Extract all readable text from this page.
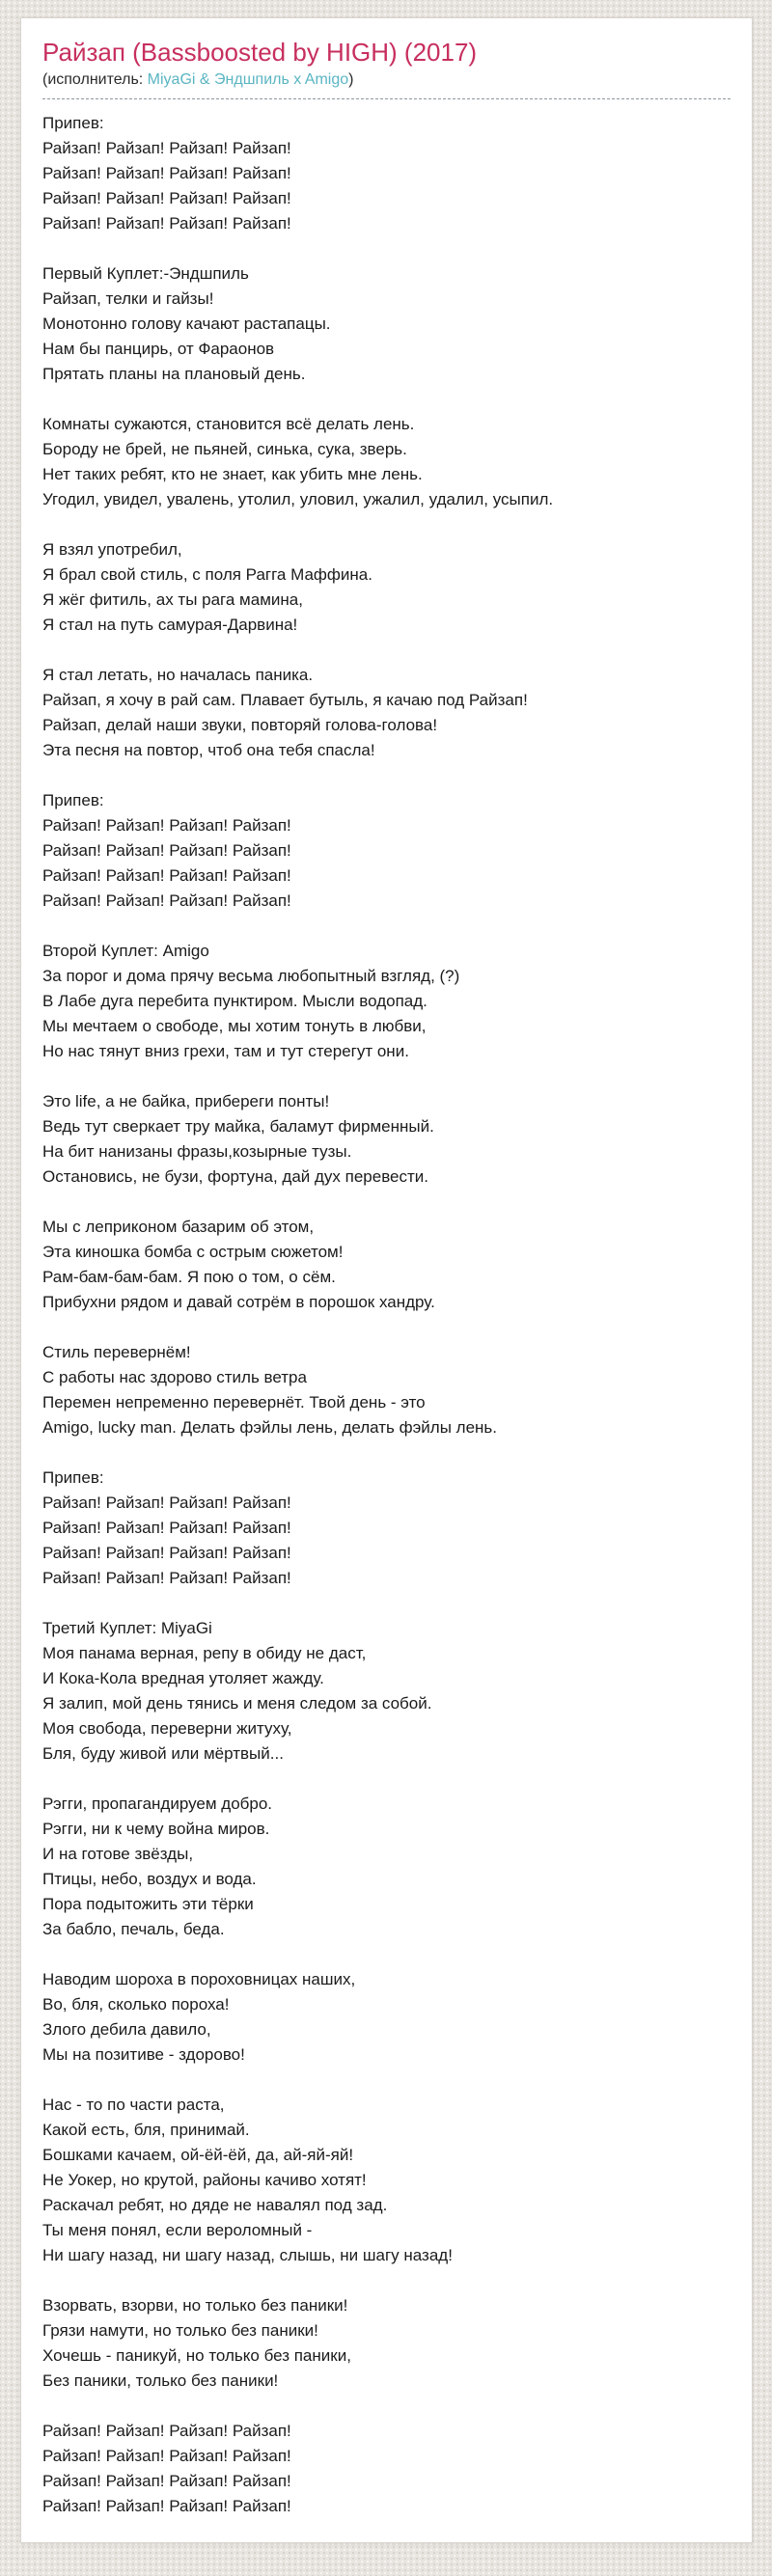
Райзап (Bassboosted by HIGH) (2017)
(исполнитель: MiyaGi & Эндшпиль x Amigo)
Припев:
Райзап! Райзап! Райзап! Райзап!
Райзап! Райзап! Райзап! Райзап!
Райзап! Райзап! Райзап! Райзап!
Райзап! Райзап! Райзап! Райзап!
Первый Куплет:-Эндшпиль
Райзап, телки и гайзы!
Монотонно голову качают растапацы.
Нам бы панцирь, от Фараонов
Прятать планы на плановый день.
Комнаты сужаются, становится всё делать лень.
Бороду не брей, не пьяней, синька, сука, зверь.
Нет таких ребят, кто не знает, как убить мне лень.
Угодил, увидел, увалень, утолил, уловил, ужалил, удалил, усыпил.
Я взял употребил,
Я брал свой стиль, с поля Рагга Маффина.
Я жёг фитиль, ах ты рага мамина,
Я стал на путь самурая-Дарвина!
Я стал летать, но началась паника.
Райзап, я хочу в рай сам. Плавает бутыль, я качаю под Райзап!
Райзап, делай наши звуки, повторяй голова-голова!
Эта песня на повтор, чтоб она тебя спасла!
Припев:
Райзап! Райзап! Райзап! Райзап!
Райзап! Райзап! Райзап! Райзап!
Райзап! Райзап! Райзап! Райзап!
Райзап! Райзап! Райзап! Райзап!
Второй Куплет: Amigo
За порог и дома прячу весьма любопытный взгляд, (?)
В Лабе дуга перебита пунктиром. Мысли водопад.
Мы мечтаем о свободе, мы хотим тонуть в любви,
Но нас тянут вниз грехи, там и тут стерегут они.
Это life, а не байка, прибереги понты!
Ведь тут сверкает тру майка, баламут фирменный.
На бит нанизаны фразы,козырные тузы.
Остановись, не бузи, фортуна, дай дух перевести.
Мы с леприконом базарим об этом,
Эта киношка бомба с острым сюжетом!
Рам-бам-бам-бам. Я пою о том, о сём.
Прибухни рядом и давай сотрём в порошок хандру.
Стиль перевернём!
С работы нас здорово стиль ветра
Перемен непременно перевернёт. Твой день - это
Amigo, lucky man. Делать фэйлы лень, делать фэйлы лень.
Припев:
Райзап! Райзап! Райзап! Райзап!
Райзап! Райзап! Райзап! Райзап!
Райзап! Райзап! Райзап! Райзап!
Райзап! Райзап! Райзап! Райзап!
Третий Куплет: MiyaGi
Моя панама верная, репу в обиду не даст,
И Кока-Кола вредная утоляет жажду.
Я залип, мой день тянись и меня следом за собой.
Моя свобода, переверни житуху,
Бля, буду живой или мёртвый...
Рэгги, пропагандируем добро.
Рэгги, ни к чему война миров.
И на готове звёзды,
Птицы, небо, воздух и вода.
Пора подытожить эти тёрки
За бабло, печаль, беда.
Наводим шороха в пороховницах наших,
Во, бля, сколько пороха!
Злого дебила давило,
Мы на позитиве - здорово!
Нас - то по части раста,
Какой есть, бля, принимай.
Бошками качаем, ой-ёй-ёй, да, ай-яй-яй!
Не Уокер, но крутой, районы качиво хотят!
Раскачал ребят, но дяде не навалял под зад.
Ты меня понял, если вероломный -
Ни шагу назад, ни шагу назад, слышь, ни шагу назад!
Взорвать, взорви, но только без паники!
Грязи намути, но только без паники!
Хочешь - паникуй, но только без паники,
Без паники, только без паники!
Райзап! Райзап! Райзап! Райзап!
Райзап! Райзап! Райзап! Райзап!
Райзап! Райзап! Райзап! Райзап!
Райзап! Райзап! Райзап! Райзап!
